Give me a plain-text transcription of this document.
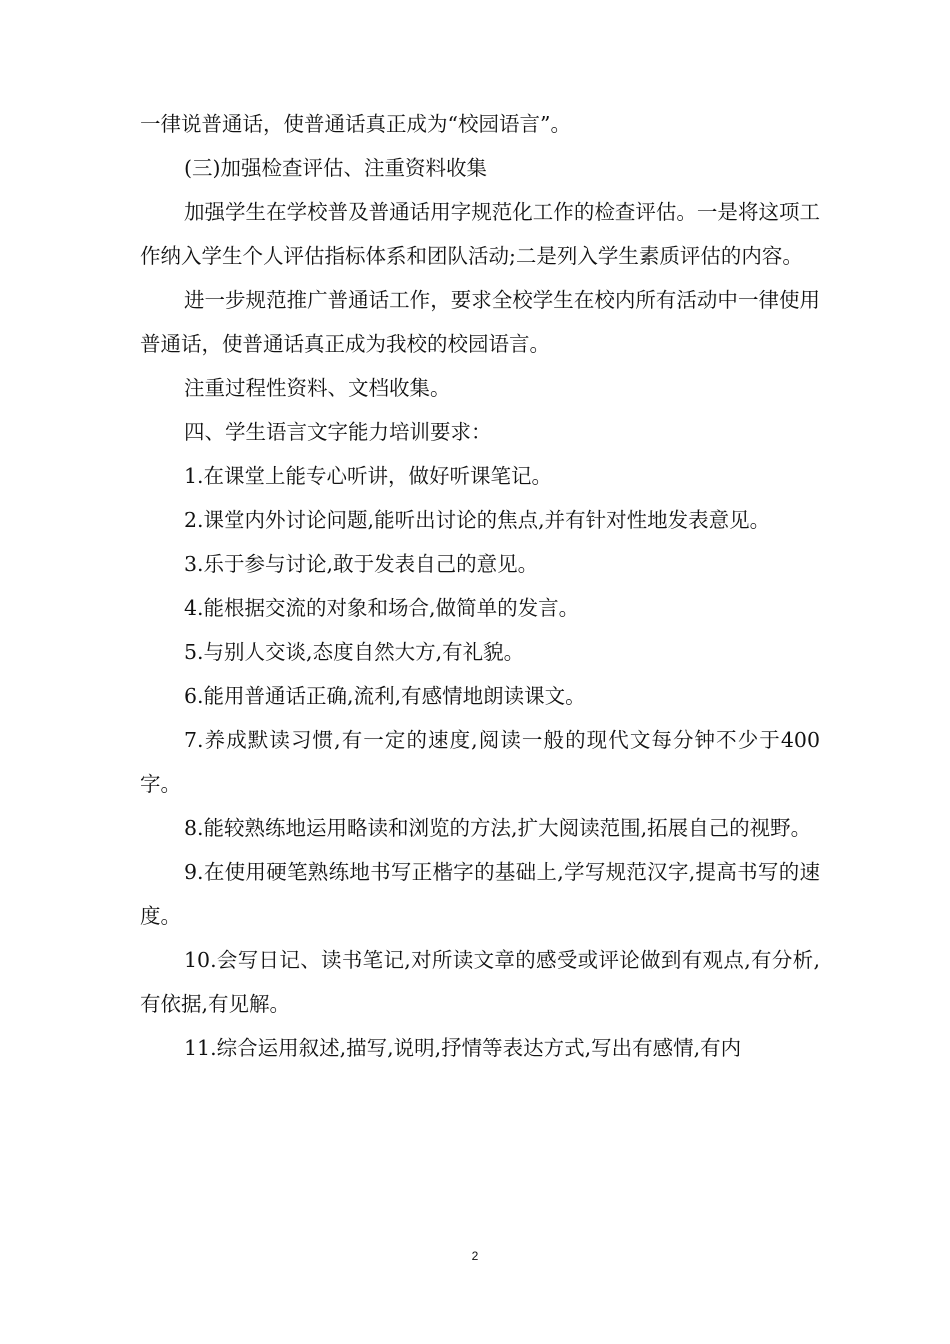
一律说普通话，使普通话真正成为“校园语言”。

(三)加强检查评估、注重资料收集

加强学生在学校普及普通话用字规范化工作的检查评估。一是将这项工作纳入学生个人评估指标体系和团队活动;二是列入学生素质评估的内容。

进一步规范推广普通话工作，要求全校学生在校内所有活动中一律使用普通话，使普通话真正成为我校的校园语言。

注重过程性资料、文档收集。

四、学生语言文字能力培训要求：

1.在课堂上能专心听讲，做好听课笔记。

2.课堂内外讨论问题,能听出讨论的焦点,并有针对性地发表意见。

3.乐于参与讨论,敢于发表自己的意见。

4.能根据交流的对象和场合,做简单的发言。

5.与别人交谈,态度自然大方,有礼貌。

6.能用普通话正确,流利,有感情地朗读课文。

7.养成默读习惯,有一定的速度,阅读一般的现代文每分钟不少于400字。

8.能较熟练地运用略读和浏览的方法,扩大阅读范围,拓展自己的视野。

9.在使用硬笔熟练地书写正楷字的基础上,学写规范汉字,提高书写的速度。

10.会写日记、读书笔记,对所读文章的感受或评论做到有观点,有分析,有依据,有见解。

11.综合运用叙述,描写,说明,抒情等表达方式,写出有感情,有内

2
